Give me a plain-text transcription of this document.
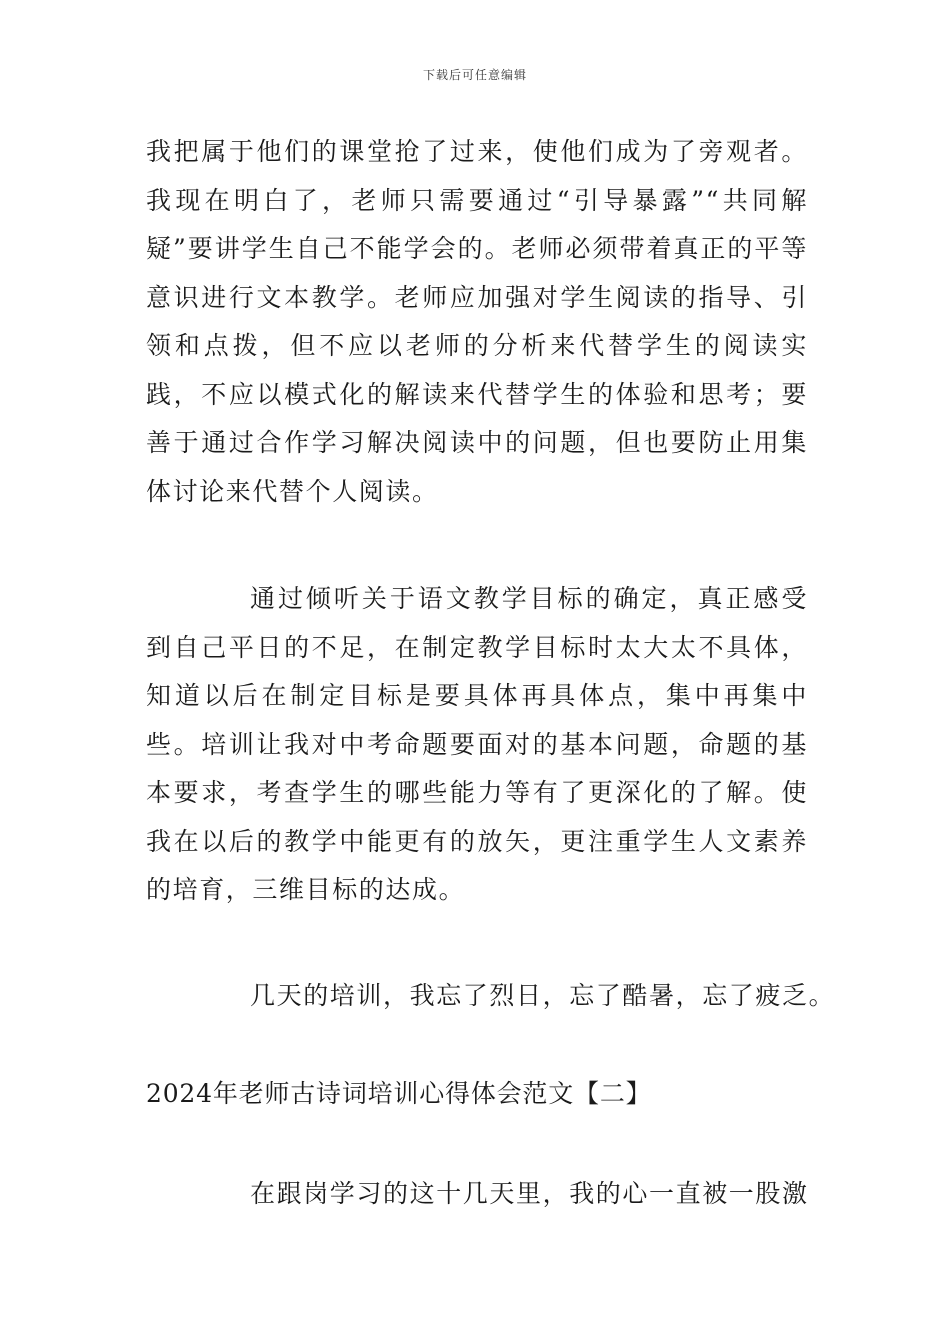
下载后可任意编辑
我把属于他们的课堂抢了过来，使他们成为了旁观者。我现在明白了，老师只需要通过“引导暴露”“共同解疑”要讲学生自己不能学会的。老师必须带着真正的平等意识进行文本教学。老师应加强对学生阅读的指导、引领和点拨，但不应以老师的分析来代替学生的阅读实践，不应以模式化的解读来代替学生的体验和思考；要善于通过合作学习解决阅读中的问题，但也要防止用集体讨论来代替个人阅读。
通过倾听关于语文教学目标的确定，真正感受到自己平日的不足，在制定教学目标时太大太不具体，知道以后在制定目标是要具体再具体点，集中再集中些。培训让我对中考命题要面对的基本问题，命题的基本要求，考查学生的哪些能力等有了更深化的了解。使我在以后的教学中能更有的放矢，更注重学生人文素养的培育，三维目标的达成。
几天的培训，我忘了烈日，忘了酷暑，忘了疲乏。
2024年老师古诗词培训心得体会范文【二】
在跟岗学习的这十几天里，我的心一直被一股激
